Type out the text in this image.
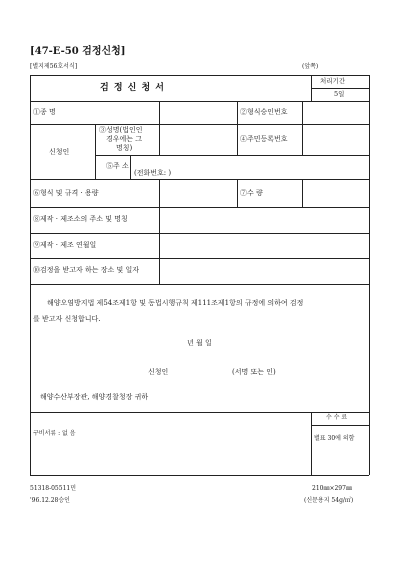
[47-E-50 검정신청]
[별지제56호서식]	(앞쪽)
검 정 신 청 서
처리기간
5일
①종 명	②형식승인번호
신청인
③성명(법인인
경우에는 그
명칭)
④주민등록번호
⑤주 소
(전화번호: )
⑥형식 및 규격 · 용량	⑦수 량
⑧제작 · 제조소의 주소 및 명칭
⑨제작 · 제조 연월일
⑩검정을 받고자 하는 장소 및 일자
해양오염방지법 제54조제1항 및 동법시행규칙 제111조제1항의 규정에 의하여 검정
를 받고자 신청합니다.
년 월 일
신청인	(서명 또는 인)
해양수산부장관, 해양경찰청장 귀하
구비서류 : 없 음
수 수 료
별표 30에 의함
51318-05511민
'96.12.28승인
210㎜×297㎜
(신문용지 54g/㎡)
